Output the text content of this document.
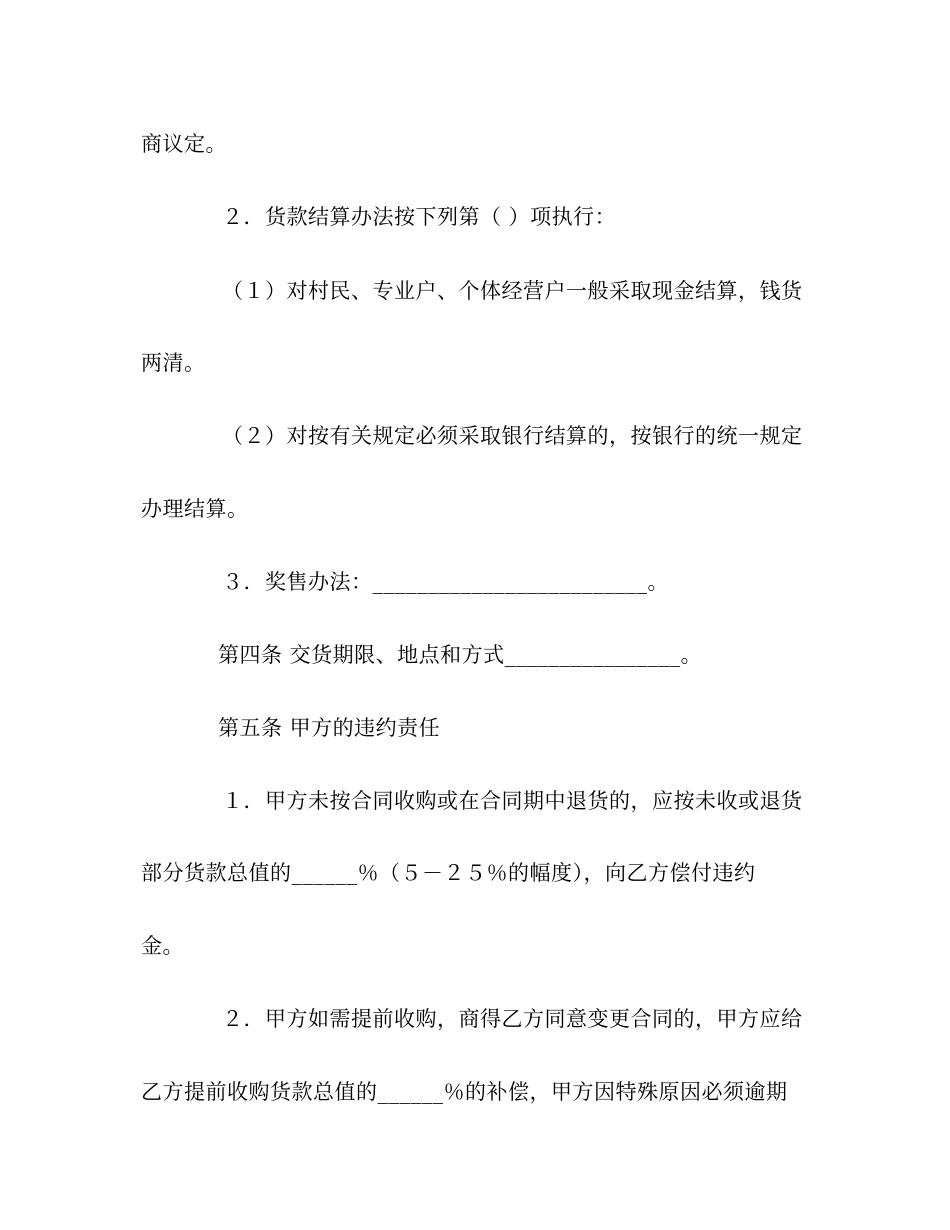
商议定。
２．货款结算办法按下列第（ ）项执行：
（１）对村民、专业户、个体经营户一般采取现金结算，钱货
两清。
（２）对按有关规定必须采取银行结算的，按银行的统一规定
办理结算。
３．奖售办法：_________________________。
第四条 交货期限、地点和方式________________。
第五条 甲方的违约责任
１．甲方未按合同收购或在合同期中退货的，应按未收或退货
部分货款总值的______％（５－２５％的幅度），向乙方偿付违约
金。
２．甲方如需提前收购，商得乙方同意变更合同的，甲方应给
乙方提前收购货款总值的______％的补偿，甲方因特殊原因必须逾期
